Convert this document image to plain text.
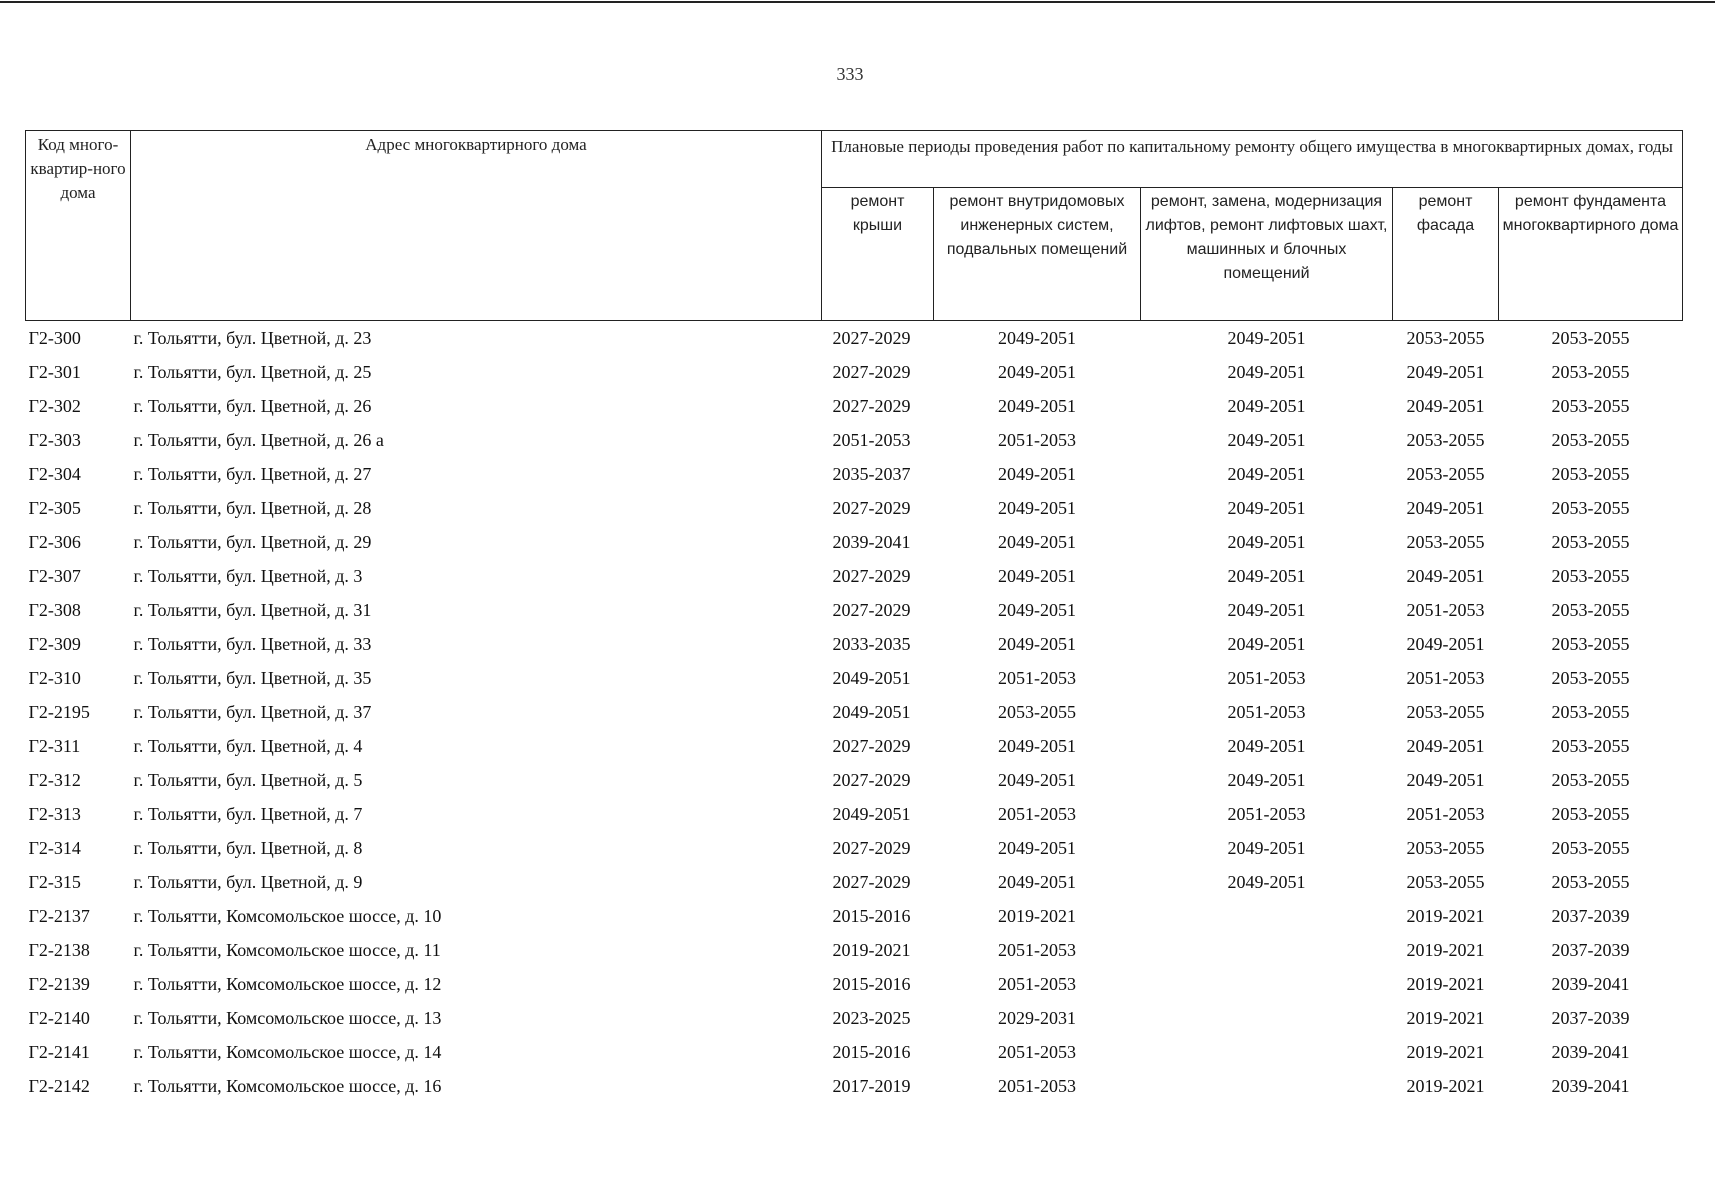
333
Код много-квартир-ного дома	Адрес многоквартирного дома	Плановые периоды проведения работ по капитальному ремонту общего имущества в многоквартирных домах, годы				
		ремонт крыши	ремонт внутридомовых инженерных систем, подвальных помещений	ремонт, замена, модернизация лифтов, ремонт лифтовых шахт, машинных и блочных помещений	ремонт фасада	ремонт фундамента многоквартирного дома
Г2-300	г. Тольятти, бул. Цветной, д. 23	2027-2029	2049-2051	2049-2051	2053-2055	2053-2055
Г2-301	г. Тольятти, бул. Цветной, д. 25	2027-2029	2049-2051	2049-2051	2049-2051	2053-2055
Г2-302	г. Тольятти, бул. Цветной, д. 26	2027-2029	2049-2051	2049-2051	2049-2051	2053-2055
Г2-303	г. Тольятти, бул. Цветной, д. 26 а	2051-2053	2051-2053	2049-2051	2053-2055	2053-2055
Г2-304	г. Тольятти, бул. Цветной, д. 27	2035-2037	2049-2051	2049-2051	2053-2055	2053-2055
Г2-305	г. Тольятти, бул. Цветной, д. 28	2027-2029	2049-2051	2049-2051	2049-2051	2053-2055
Г2-306	г. Тольятти, бул. Цветной, д. 29	2039-2041	2049-2051	2049-2051	2053-2055	2053-2055
Г2-307	г. Тольятти, бул. Цветной, д. 3	2027-2029	2049-2051	2049-2051	2049-2051	2053-2055
Г2-308	г. Тольятти, бул. Цветной, д. 31	2027-2029	2049-2051	2049-2051	2051-2053	2053-2055
Г2-309	г. Тольятти, бул. Цветной, д. 33	2033-2035	2049-2051	2049-2051	2049-2051	2053-2055
Г2-310	г. Тольятти, бул. Цветной, д. 35	2049-2051	2051-2053	2051-2053	2051-2053	2053-2055
Г2-2195	г. Тольятти, бул. Цветной, д. 37	2049-2051	2053-2055	2051-2053	2053-2055	2053-2055
Г2-311	г. Тольятти, бул. Цветной, д. 4	2027-2029	2049-2051	2049-2051	2049-2051	2053-2055
Г2-312	г. Тольятти, бул. Цветной, д. 5	2027-2029	2049-2051	2049-2051	2049-2051	2053-2055
Г2-313	г. Тольятти, бул. Цветной, д. 7	2049-2051	2051-2053	2051-2053	2051-2053	2053-2055
Г2-314	г. Тольятти, бул. Цветной, д. 8	2027-2029	2049-2051	2049-2051	2053-2055	2053-2055
Г2-315	г. Тольятти, бул. Цветной, д. 9	2027-2029	2049-2051	2049-2051	2053-2055	2053-2055
Г2-2137	г. Тольятти, Комсомольское шоссе, д. 10	2015-2016	2019-2021		2019-2021	2037-2039
Г2-2138	г. Тольятти, Комсомольское шоссе, д. 11	2019-2021	2051-2053		2019-2021	2037-2039
Г2-2139	г. Тольятти, Комсомольское шоссе, д. 12	2015-2016	2051-2053		2019-2021	2039-2041
Г2-2140	г. Тольятти, Комсомольское шоссе, д. 13	2023-2025	2029-2031		2019-2021	2037-2039
Г2-2141	г. Тольятти, Комсомольское шоссе, д. 14	2015-2016	2051-2053		2019-2021	2039-2041
Г2-2142	г. Тольятти, Комсомольское шоссе, д. 16	2017-2019	2051-2053		2019-2021	2039-2041
